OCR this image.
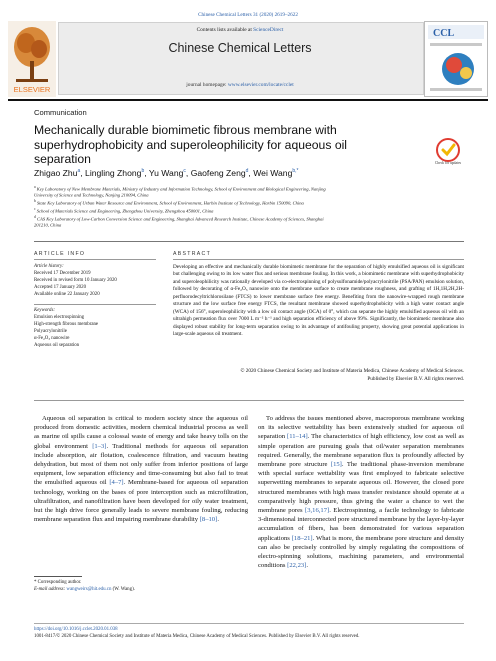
Chinese Chemical Letters 31 (2020) 2619–2622
ELSEVIER
Contents lists available at ScienceDirect
Chinese Chemical Letters
journal homepage: www.elsevier.com/locate/cclet
CCL
Communication
Mechanically durable biomimetic fibrous membrane with superhydrophobicity and superoleophilicity for aqueous oil separation	Check for updates
Zhigao Zhu$^a$, Lingling Zhong$^b$, Yu Wang$^c$, Gaofeng Zeng$^d$, Wei Wang$^{b,*}$
$^a$ Key Laboratory of New Membrane Materials, Ministry of Industry and Information Technology, School of Environment and Biological Engineering, Nanjing
University of Science and Technology, Nanjing 210094, China
$^b$ State Key Laboratory of Urban Water Resource and Environment, School of Environment, Harbin Institute of Technology, Harbin 150090, China
$^c$ School of Materials Science and Engineering, Zhengzhou University, Zhengzhou 450001, China
$^d$ CAS Key Laboratory of Low-Carbon Conversion Science and Engineering, Shanghai Advanced Research Institute, Chinese Academy of Sciences, Shanghai
201210, China
ARTICLE INFO
Article history:
Received 17 December 2019
Received in revised form 10 January 2020
Accepted 17 January 2020
Available online 22 January 2020
Keywords:
Emulsion electrospinning
High-strength fibrous membrane
Polyacrylonitrile
α-Fe₂O₃ nanowire
Aqueous oil separation
ABSTRACT
Developing an effective and mechanically durable biomimetic membrane for the separation of highly emulsified aqueous oil is significant but challenging owing to its low water flux and serious membrane fouling. In this work, a biomimetic membrane with superhydrophobicity and superoleophilicity was rationally developed via co-electrospinning of polysulfonamide/polyacrylonitrile (PSA/PAN) emulsion solution, followed by decorating of α-Fe₂O₃ nanowire onto the membrane surface to create membrane roughness, and grafting of 1H,1H,2H,2H-perfluorodecyltrichlorosilane (FTCS) to lower membrane surface free energy. Benefiting from the nanowire-wrapped rough membrane structure and the low surface free energy FTCS, the resultant membrane showed superhydrophobicity with a high water contact angle (WCA) of 156°, superoleophilicity with a low oil contact angle (OCA) of 0°, which can separate the highly emulsified aqueous oil with an ultrahigh permeation flux over 7000 L m⁻² h⁻¹ and high separation efficiency of above 99%. Significantly, the biomimetic membrane also displayed robust stability for long-term separation owing to its advantage of antifouling property, showing great potential applications in large-scale aqueous oil treatment.
© 2020 Chinese Chemical Society and Institute of Materia Medica, Chinese Academy of Medical Sciences.
Published by Elsevier B.V. All rights reserved.
Aqueous oil separation is critical to modern society since the aqueous oil produced from domestic activities, modern chemical industrial process as well as marine oil spills cause a colossal waste of energy and take heavy tolls on the global environment [1–3]. Traditional methods for aqueous oil separation include absorption, air flotation, coalescence filtration, and vacuum heating dehydration, but most of them not only suffer from inferior positions of large equipment, low separation efficiency and time-consuming but also fail to treat the emulsified aqueous oil [4–7]. Membrane-based for aqueous oil separation technology, working on the bases of pore interception such as microfiltration, ultrafiltration, and nanofiltration have been developed for oily water treatment, but the high drive force generally leads to severe membrane fouling, reducing membrane separation flux and impairing membrane durability [8–10].
To address the issues mentioned above, macroporous membrane working on its selective wettability has been extensively studied for aqueous oil separation [11–14]. The characteristics of high efficiency, low cost as well as simple operation are pursuing goals that oil/water separation membranes required. Generally, the membrane separation flux is profoundly affected by membrane pore structure [15]. The traditional phase-inversion membrane with special surface wettability was first employed to fabricate selective superwetting membranes to separate aqueous oil. However, the closed pore structured membranes with high mass transfer resistance should operate at a comparatively high pressure, thus giving the water a chance to wet the membrane pores [3,16,17]. Electrospinning, a facile technology to fabricate 3-dimensional interconnected pore structured membrane by the layer-by-layer accumulation of fibers, has been demonstrated for various separation applications [18–21]. What is more, the membrane pore structure and density can also be precisely controlled by simply regulating the compositions of electro-spinning solutions, machining parameters, and environmental conditions [22,23].
* Corresponding author.
E-mail address: wangweirs@hit.edu.cn (W. Wang).
https://doi.org/10.1016/j.cclet.2020.01.038
1001-8417/© 2020 Chinese Chemical Society and Institute of Materia Medica, Chinese Academy of Medical Sciences. Published by Elsevier B.V. All rights reserved.
